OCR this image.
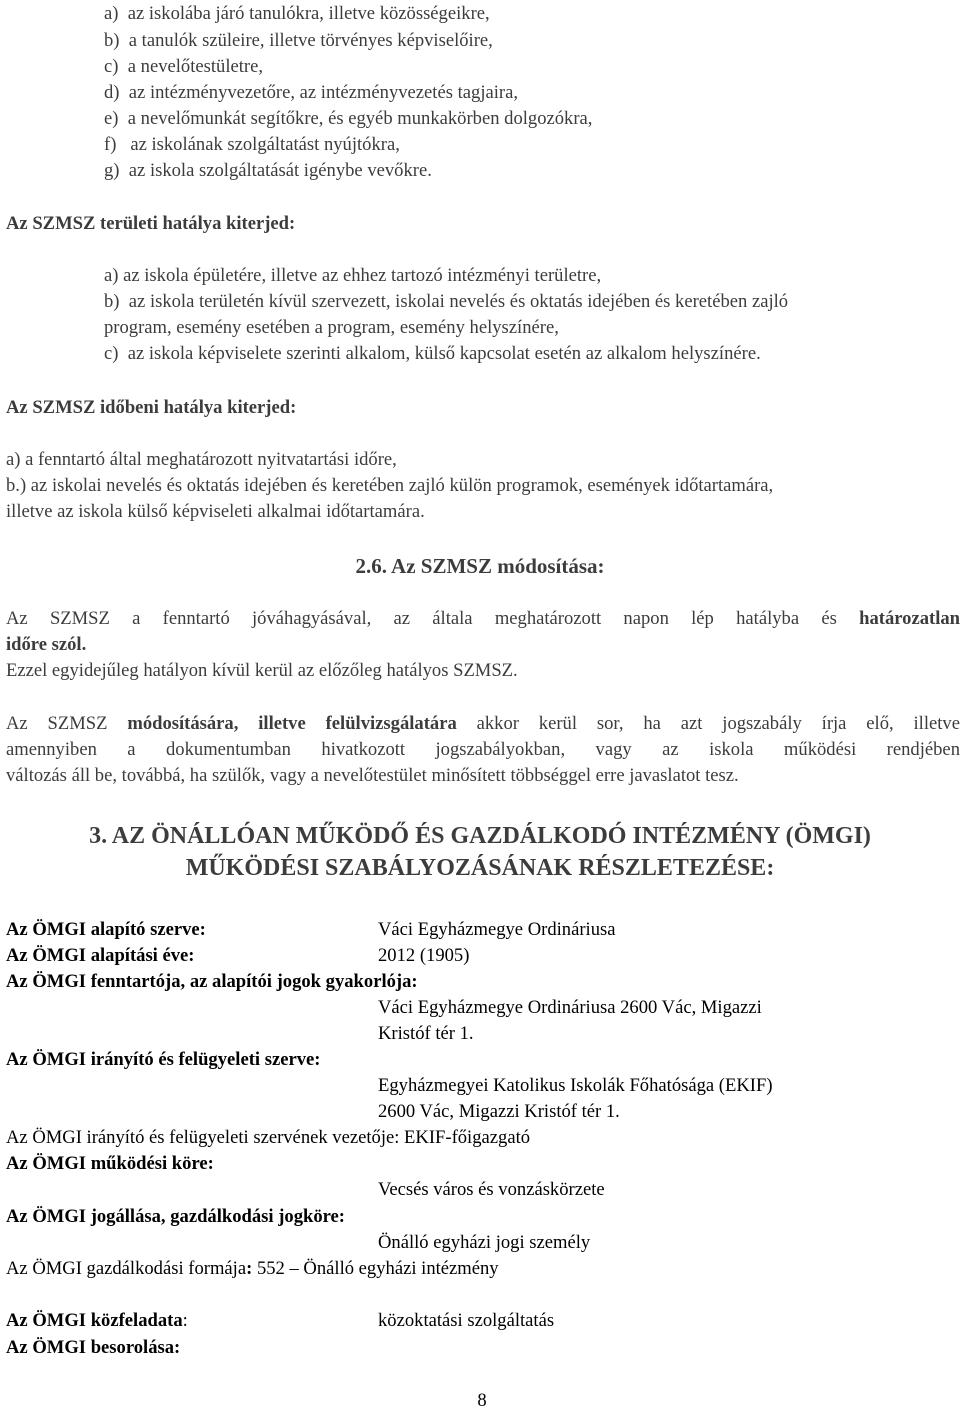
a)  az iskolába járó tanulókra, illetve közösségeikre,
b)  a tanulók szüleire, illetve törvényes képviselőire,
c)  a nevelőtestületre,
d)  az intézményvezetőre, az intézményvezetés tagjaira,
e)  a nevelőmunkát segítőkre, és egyéb munkakörben dolgozókra,
f)   az iskolának szolgáltatást nyújtókra,
g)  az iskola szolgáltatását igénybe vevőkre.
Az SZMSZ területi hatálya kiterjed:
a) az iskola épületére, illetve az ehhez tartozó intézményi területre,
b)  az iskola területén kívül szervezett, iskolai nevelés és oktatás idejében és keretében zajló
program, esemény esetében a program, esemény helyszínére,
c)  az iskola képviselete szerinti alkalom, külső kapcsolat esetén az alkalom helyszínére.
Az SZMSZ időbeni hatálya kiterjed:
a) a fenntartó által meghatározott nyitvatartási időre,
b.) az iskolai nevelés és oktatás idejében és keretében zajló külön programok, események időtartamára,
illetve az iskola külső képviseleti alkalmai időtartamára.
2.6. Az SZMSZ módosítása:
Az SZMSZ a fenntartó jóváhagyásával, az általa meghatározott napon lép hatályba és határozatlan
időre szól.
Ezzel egyidejűleg hatályon kívül kerül az előzőleg hatályos SZMSZ.
Az SZMSZ módosítására, illetve felülvizsgálatára akkor kerül sor, ha azt jogszabály írja elő, illetve
amennyiben a dokumentumban hivatkozott jogszabályokban, vagy az iskola működési rendjében
változás áll be, továbbá, ha szülők, vagy a nevelőtestület minősített többséggel erre javaslatot tesz.
3. AZ ÖNÁLLÓAN MŰKÖDŐ ÉS GAZDÁLKODÓ INTÉZMÉNY (ÖMGI)
MŰKÖDÉSI SZABÁLYOZÁSÁNAK RÉSZLETEZÉSE:
Az ÖMGI alapító szerve:	Váci Egyházmegye Ordináriusa
Az ÖMGI alapítási éve:	2012 (1905)
Az ÖMGI fenntartója, az alapítói jogok gyakorlója:
Váci Egyházmegye Ordináriusa 2600 Vác, Migazzi
Kristóf tér 1.
Az ÖMGI irányító és felügyeleti szerve:
Egyházmegyei Katolikus Iskolák Főhatósága (EKIF)
2600 Vác, Migazzi Kristóf tér 1.
Az ÖMGI irányító és felügyeleti szervének vezetője: EKIF-főigazgató
Az ÖMGI működési köre:
Vecsés város és vonzáskörzete
Az ÖMGI jogállása, gazdálkodási jogköre:
Önálló egyházi jogi személy
Az ÖMGI gazdálkodási formája: 552 – Önálló egyházi intézmény
Az ÖMGI közfeladata:	közoktatási szolgáltatás
Az ÖMGI besorolása:
8
